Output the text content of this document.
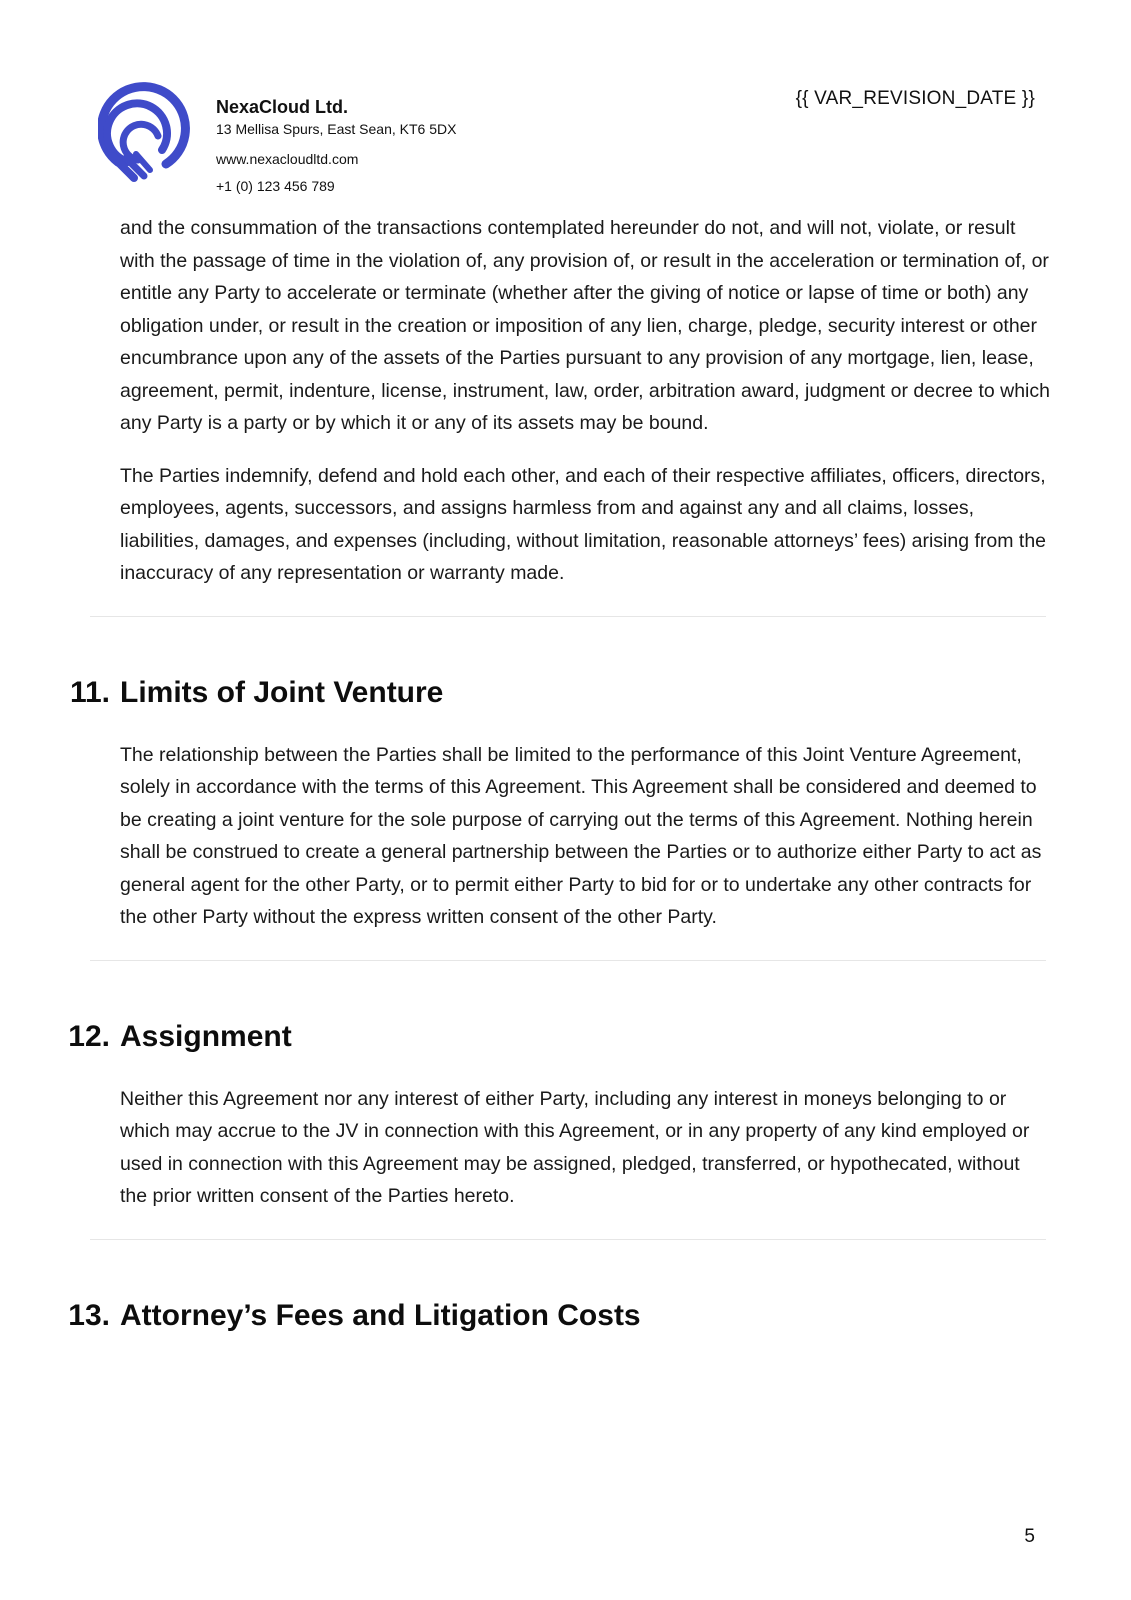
NexaCloud Ltd.
13 Mellisa Spurs, East Sean, KT6 5DX
www.nexacloudltd.com
+1 (0) 123 456 789
{{ VAR_REVISION_DATE }}

and the consummation of the transactions contemplated hereunder do not, and will not, violate, or result with the passage of time in the violation of, any provision of, or result in the acceleration or termination of, or entitle any Party to accelerate or terminate (whether after the giving of notice or lapse of time or both) any obligation under, or result in the creation or imposition of any lien, charge, pledge, security interest or other encumbrance upon any of the assets of the Parties pursuant to any provision of any mortgage, lien, lease, agreement, permit, indenture, license, instrument, law, order, arbitration award, judgment or decree to which any Party is a party or by which it or any of its assets may be bound.

The Parties indemnify, defend and hold each other, and each of their respective affiliates, officers, directors, employees, agents, successors, and assigns harmless from and against any and all claims, losses, liabilities, damages, and expenses (including, without limitation, reasonable attorneys’ fees) arising from the inaccuracy of any representation or warranty made.

11. Limits of Joint Venture

The relationship between the Parties shall be limited to the performance of this Joint Venture Agreement, solely in accordance with the terms of this Agreement. This Agreement shall be considered and deemed to be creating a joint venture for the sole purpose of carrying out the terms of this Agreement. Nothing herein shall be construed to create a general partnership between the Parties or to authorize either Party to act as general agent for the other Party, or to permit either Party to bid for or to undertake any other contracts for the other Party without the express written consent of the other Party.

12. Assignment

Neither this Agreement nor any interest of either Party, including any interest in moneys belonging to or which may accrue to the JV in connection with this Agreement, or in any property of any kind employed or used in connection with this Agreement may be assigned, pledged, transferred, or hypothecated, without the prior written consent of the Parties hereto.

13. Attorney’s Fees and Litigation Costs
5
